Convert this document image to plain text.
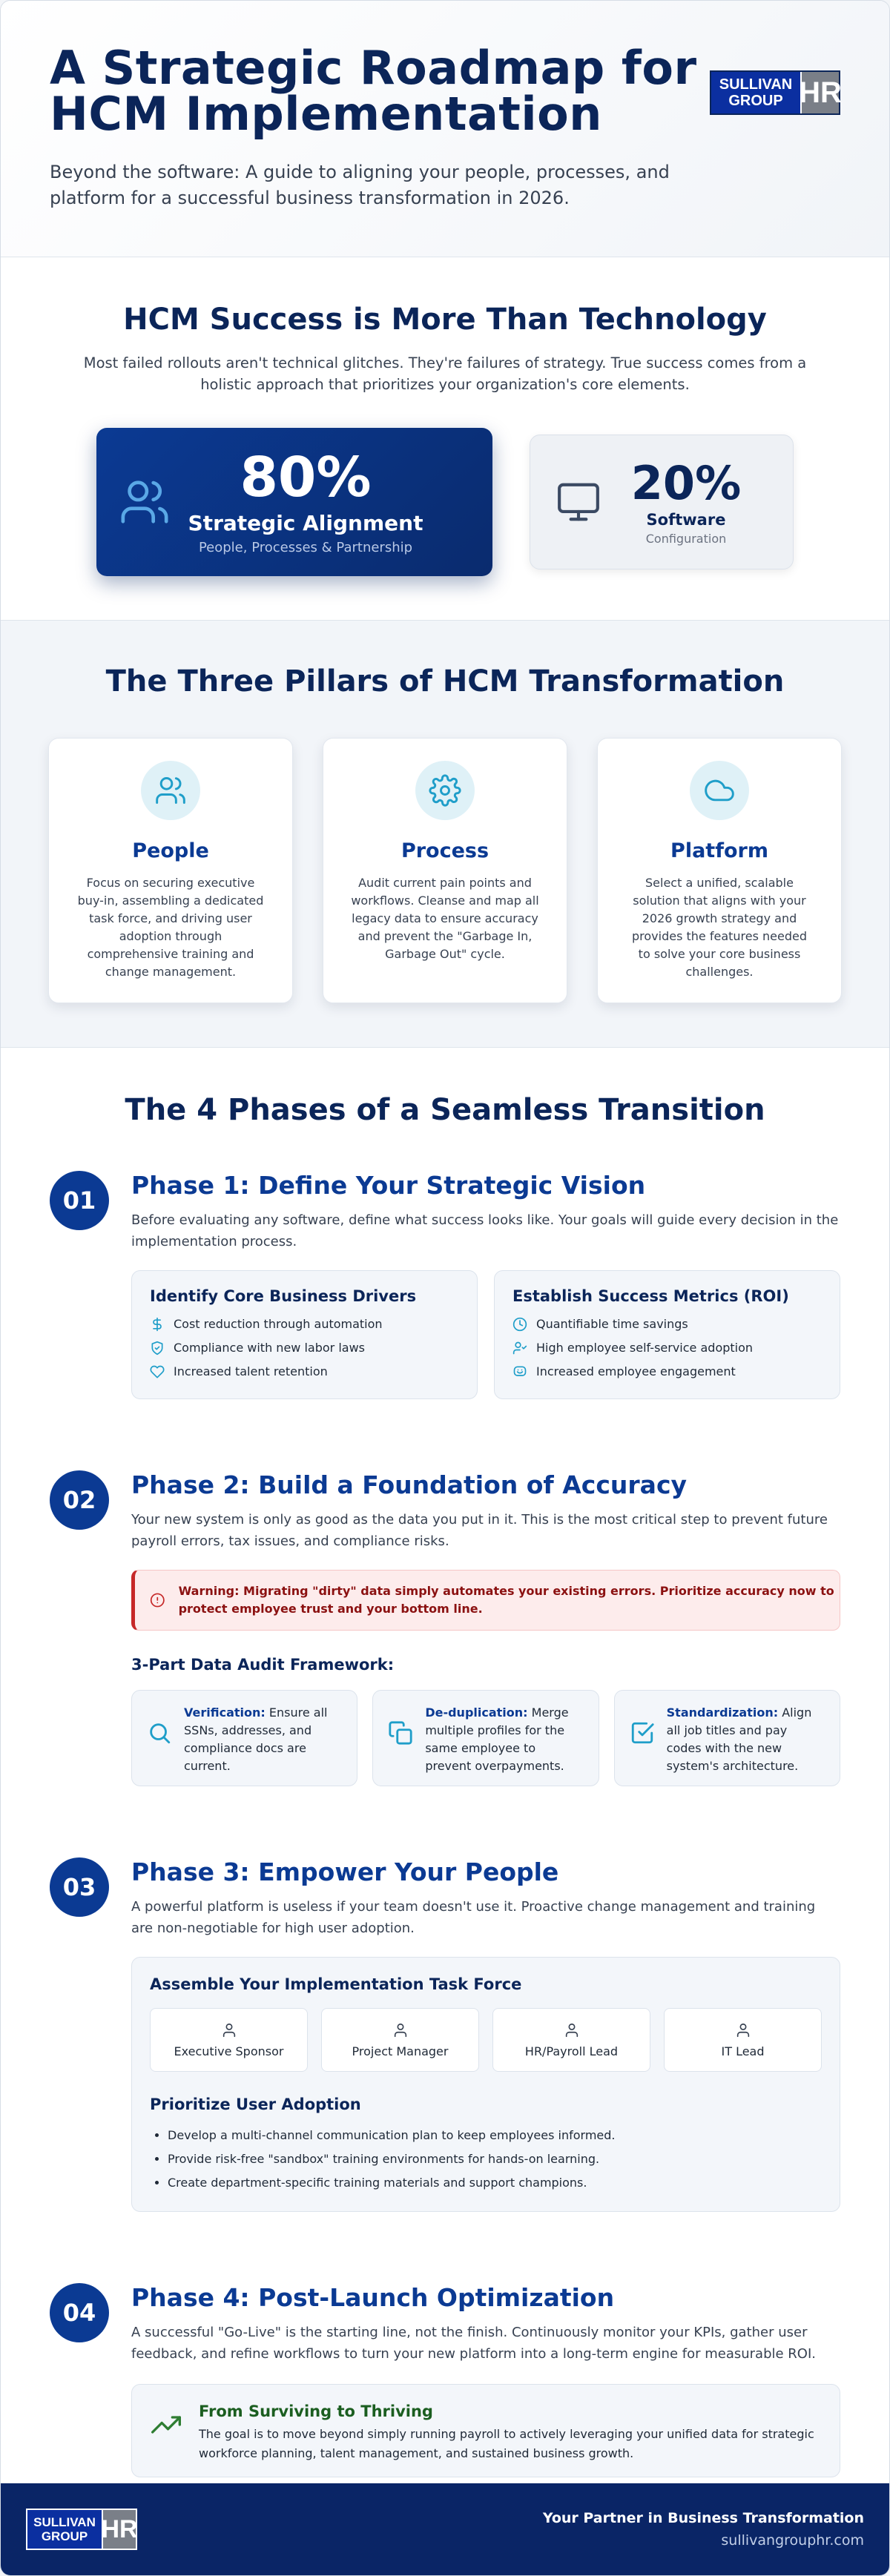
A Strategic Roadmap for HCM Implementation

Beyond the software: A guide to aligning your people, processes, and platform for a successful business transformation in 2026.

SULLIVAN
GROUP HR
HCM Success is More Than Technology

Most failed rollouts aren't technical glitches. They're failures of strategy. True success comes from a holistic approach that prioritizes your organization's core elements.

80%
Strategic Alignment
People, Processes & Partnership
20%
Software
Configuration
The Three Pillars of HCM Transformation
People

Focus on securing executive buy-in, assembling a dedicated task force, and driving user adoption through comprehensive training and change management.

Process

Audit current pain points and workflows. Cleanse and map all legacy data to ensure accuracy and prevent the "Garbage In, Garbage Out" cycle.

Platform

Select a unified, scalable solution that aligns with your 2026 growth strategy and provides the features needed to solve your core business challenges.

The 4 Phases of a Seamless Transition
01
Phase 1: Define Your Strategic Vision

Before evaluating any software, define what success looks like. Your goals will guide every decision in the implementation process.

Identify Core Business Drivers
Cost reduction through automation
Compliance with new labor laws
Increased talent retention
Establish Success Metrics (ROI)
Quantifiable time savings
High employee self-service adoption
Increased employee engagement
02
Phase 2: Build a Foundation of Accuracy

Your new system is only as good as the data you put in it. This is the most critical step to prevent future payroll errors, tax issues, and compliance risks.

Warning: Migrating "dirty" data simply automates your existing errors. Prioritize accuracy now to protect employee trust and your bottom line.
3-Part Data Audit Framework:
Verification: Ensure all SSNs, addresses, and compliance docs are current.
De-duplication: Merge multiple profiles for the same employee to prevent overpayments.
Standardization: Align all job titles and pay codes with the new system's architecture.
03
Phase 3: Empower Your People

A powerful platform is useless if your team doesn't use it. Proactive change management and training are non-negotiable for high user adoption.

Assemble Your Implementation Task Force
Executive Sponsor	Project Manager	HR/Payroll Lead	IT Lead
Prioritize User Adoption
• Develop a multi-channel communication plan to keep employees informed.
• Provide risk-free "sandbox" training environments for hands-on learning.
• Create department-specific training materials and support champions.
04
Phase 4: Post-Launch Optimization

A successful "Go-Live" is the starting line, not the finish. Continuously monitor your KPIs, gather user feedback, and refine workflows to turn your new platform into a long-term engine for measurable ROI.

From Surviving to Thriving

The goal is to move beyond simply running payroll to actively leveraging your unified data for strategic workforce planning, talent management, and sustained business growth.

SULLIVAN
GROUP HR	Your Partner in Business Transformation
sullivangrouphr.com
